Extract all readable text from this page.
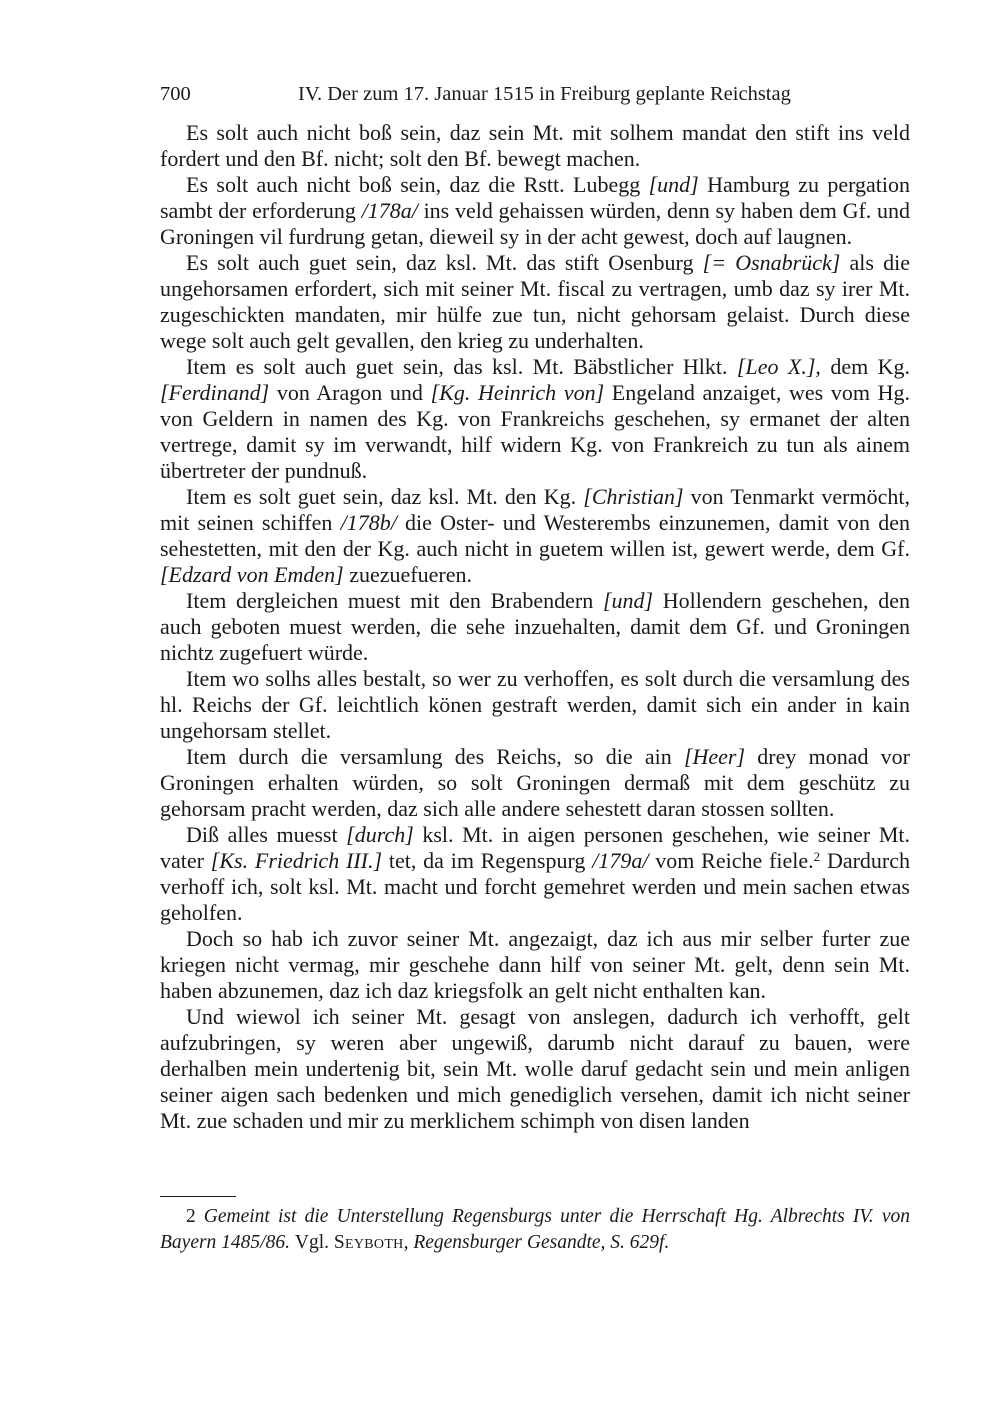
700	IV. Der zum 17. Januar 1515 in Freiburg geplante Reichstag

Es solt auch nicht boß sein, daz sein Mt. mit solhem mandat den stift ins veld fordert und den Bf. nicht; solt den Bf. bewegt machen.

Es solt auch nicht boß sein, daz die Rstt. Lubegg [und] Hamburg zu pergation sambt der erforderung /178a/ ins veld gehaissen würden, denn sy haben dem Gf. und Groningen vil furdrung getan, dieweil sy in der acht gewest, doch auf laugnen.

Es solt auch guet sein, daz ksl. Mt. das stift Osenburg [= Osnabrück] als die ungehorsamen erfordert, sich mit seiner Mt. fiscal zu vertragen, umb daz sy irer Mt. zugeschickten mandaten, mir hülfe zue tun, nicht gehorsam gelaist. Durch diese wege solt auch gelt gevallen, den krieg zu underhalten.

Item es solt auch guet sein, das ksl. Mt. Bäbstlicher Hlkt. [Leo X.], dem Kg. [Ferdinand] von Aragon und [Kg. Heinrich von] Engeland anzaiget, wes vom Hg. von Geldern in namen des Kg. von Frankreichs geschehen, sy ermanet der alten vertrege, damit sy im verwandt, hilf widern Kg. von Frankreich zu tun als ainem übertreter der pundnuß.

Item es solt guet sein, daz ksl. Mt. den Kg. [Christian] von Tenmarkt vermöcht, mit seinen schiffen /178b/ die Oster- und Westerembs einzunemen, damit von den sehestetten, mit den der Kg. auch nicht in guetem willen ist, gewert werde, dem Gf. [Edzard von Emden] zuezuefueren.

Item dergleichen muest mit den Brabendern [und] Hollendern geschehen, den auch geboten muest werden, die sehe inzuehalten, damit dem Gf. und Groningen nichtz zugefuert würde.

Item wo solhs alles bestalt, so wer zu verhoffen, es solt durch die versamlung des hl. Reichs der Gf. leichtlich könen gestraft werden, damit sich ein ander in kain ungehorsam stellet.

Item durch die versamlung des Reichs, so die ain [Heer] drey monad vor Groningen erhalten würden, so solt Groningen dermaß mit dem geschütz zu gehorsam pracht werden, daz sich alle andere sehestett daran stossen sollten.

Diß alles muesst [durch] ksl. Mt. in aigen personen geschehen, wie seiner Mt. vater [Ks. Friedrich III.] tet, da im Regenspurg /179a/ vom Reiche fiele.$^2$ Dardurch verhoff ich, solt ksl. Mt. macht und forcht gemehret werden und mein sachen etwas geholfen.

Doch so hab ich zuvor seiner Mt. angezaigt, daz ich aus mir selber furter zue kriegen nicht vermag, mir geschehe dann hilf von seiner Mt. gelt, denn sein Mt. haben abzunemen, daz ich daz kriegsfolk an gelt nicht enthalten kan.

Und wiewol ich seiner Mt. gesagt von anslegen, dadurch ich verhofft, gelt aufzubringen, sy weren aber ungewiß, darumb nicht darauf zu bauen, were derhalben mein undertenig bit, sein Mt. wolle daruf gedacht sein und mein anligen seiner aigen sach bedenken und mich genediglich versehen, damit ich nicht seiner Mt. zue schaden und mir zu merklichem schimph von disen landen

2 Gemeint ist die Unterstellung Regensburgs unter die Herrschaft Hg. Albrechts IV. von Bayern 1485/86. Vgl. Seyboth, Regensburger Gesandte, S. 629f.
